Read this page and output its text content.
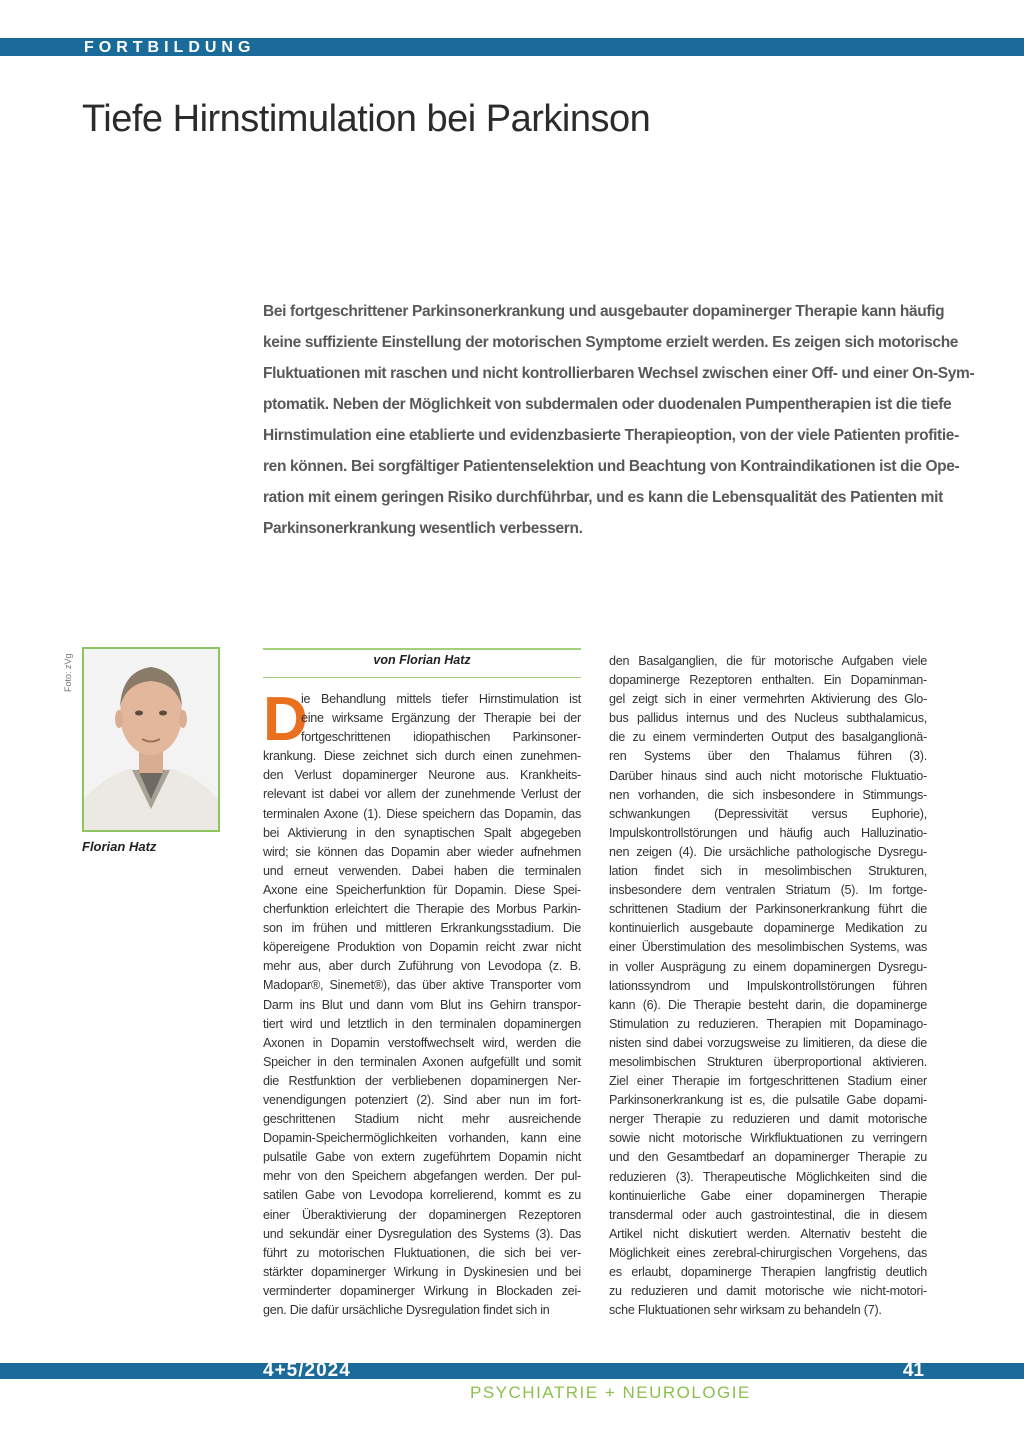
FORTBILDUNG
Tiefe Hirnstimulation bei Parkinson
Bei fortgeschrittener Parkinsonerkrankung und ausgebauter dopaminerger Therapie kann häufig
keine suffiziente Einstellung der motorischen Symptome erzielt werden. Es zeigen sich motorische
Fluktuationen mit raschen und nicht kontrollierbaren Wechsel zwischen einer Off- und einer On-Sym-
ptomatik. Neben der Möglichkeit von subdermalen oder duodenalen Pumpentherapien ist die tiefe
Hirnstimulation eine etablierte und evidenzbasierte Therapieoption, von der viele Patienten profitie-
ren können. Bei sorgfältiger Patientenselektion und Beachtung von Kontraindikationen ist die Ope-
ration mit einem geringen Risiko durchführbar, und es kann die Lebensqualität des Patienten mit
Parkinsonerkrankung wesentlich verbessern.
Foto: zVg
Florian Hatz
von Florian Hatz
D
ie Behandlung mittels tiefer Hirnstimulation ist
eine wirksame Ergänzung der Therapie bei der
fortgeschrittenen idiopathischen Parkinsoner-
krankung. Diese zeichnet sich durch einen zunehmen-
den Verlust dopaminerger Neurone aus. Krankheits-
relevant ist dabei vor allem der zunehmende Verlust der
terminalen Axone (1). Diese speichern das Dopamin, das
bei Aktivierung in den synaptischen Spalt abgegeben
wird; sie können das Dopamin aber wieder aufnehmen
und erneut verwenden. Dabei haben die terminalen
Axone eine Speicherfunktion für Dopamin. Diese Spei-
cherfunktion erleichtert die Therapie des Morbus Parkin-
son im frühen und mittleren Erkrankungsstadium. Die
köpereigene Produktion von Dopamin reicht zwar nicht
mehr aus, aber durch Zuführung von Levodopa (z. B.
Madopar®, Sinemet®), das über aktive Transporter vom
Darm ins Blut und dann vom Blut ins Gehirn transpor-
tiert wird und letztlich in den terminalen dopaminergen
Axonen in Dopamin verstoffwechselt wird, werden die
Speicher in den terminalen Axonen aufgefüllt und somit
die Restfunktion der verbliebenen dopaminergen Ner-
venendigungen potenziert (2). Sind aber nun im fort-
geschrittenen Stadium nicht mehr ausreichende
Dopamin-Speichermöglichkeiten vorhanden, kann eine
pulsatile Gabe von extern zugeführtem Dopamin nicht
mehr von den Speichern abgefangen werden. Der pul-
satilen Gabe von Levodopa korrelierend, kommt es zu
einer Überaktivierung der dopaminergen Rezeptoren
und sekundär einer Dysregulation des Systems (3). Das
führt zu motorischen Fluktuationen, die sich bei ver-
stärkter dopaminerger Wirkung in Dyskinesien und bei
verminderter dopaminerger Wirkung in Blockaden zei-
gen. Die dafür ursächliche Dysregulation findet sich in
den Basalganglien, die für motorische Aufgaben viele
dopaminerge Rezeptoren enthalten. Ein Dopaminman-
gel zeigt sich in einer vermehrten Aktivierung des Glo-
bus pallidus internus und des Nucleus subthalamicus,
die zu einem verminderten Output des basalganglionä-
ren Systems über den Thalamus führen (3).
Darüber hinaus sind auch nicht motorische Fluktuatio-
nen vorhanden, die sich insbesondere in Stimmungs-
schwankungen (Depressivität versus Euphorie),
Impulskontrollstörungen und häufig auch Halluzinatio-
nen zeigen (4). Die ursächliche pathologische Dysregu-
lation findet sich in mesolimbischen Strukturen,
insbesondere dem ventralen Striatum (5). Im fortge-
schrittenen Stadium der Parkinsonerkrankung führt die
kontinuierlich ausgebaute dopaminerge Medikation zu
einer Überstimulation des mesolimbischen Systems, was
in voller Ausprägung zu einem dopaminergen Dysregu-
lationssyndrom und Impulskontrollstörungen führen
kann (6). Die Therapie besteht darin, die dopaminerge
Stimulation zu reduzieren. Therapien mit Dopaminago-
nisten sind dabei vorzugsweise zu limitieren, da diese die
mesolimbischen Strukturen überproportional aktivieren.
Ziel einer Therapie im fortgeschrittenen Stadium einer
Parkinsonerkrankung ist es, die pulsatile Gabe dopami-
nerger Therapie zu reduzieren und damit motorische
sowie nicht motorische Wirkfluktuationen zu verringern
und den Gesamtbedarf an dopaminerger Therapie zu
reduzieren (3). Therapeutische Möglichkeiten sind die
kontinuierliche Gabe einer dopaminergen Therapie
transdermal oder auch gastrointestinal, die in diesem
Artikel nicht diskutiert werden. Alternativ besteht die
Möglichkeit eines zerebral-chirurgischen Vorgehens, das
es erlaubt, dopaminerge Therapien langfristig deutlich
zu reduzieren und damit motorische wie nicht-motori-
sche Fluktuationen sehr wirksam zu behandeln (7).
4+5/2024	41
PSYCHIATRIE + NEUROLOGIE
